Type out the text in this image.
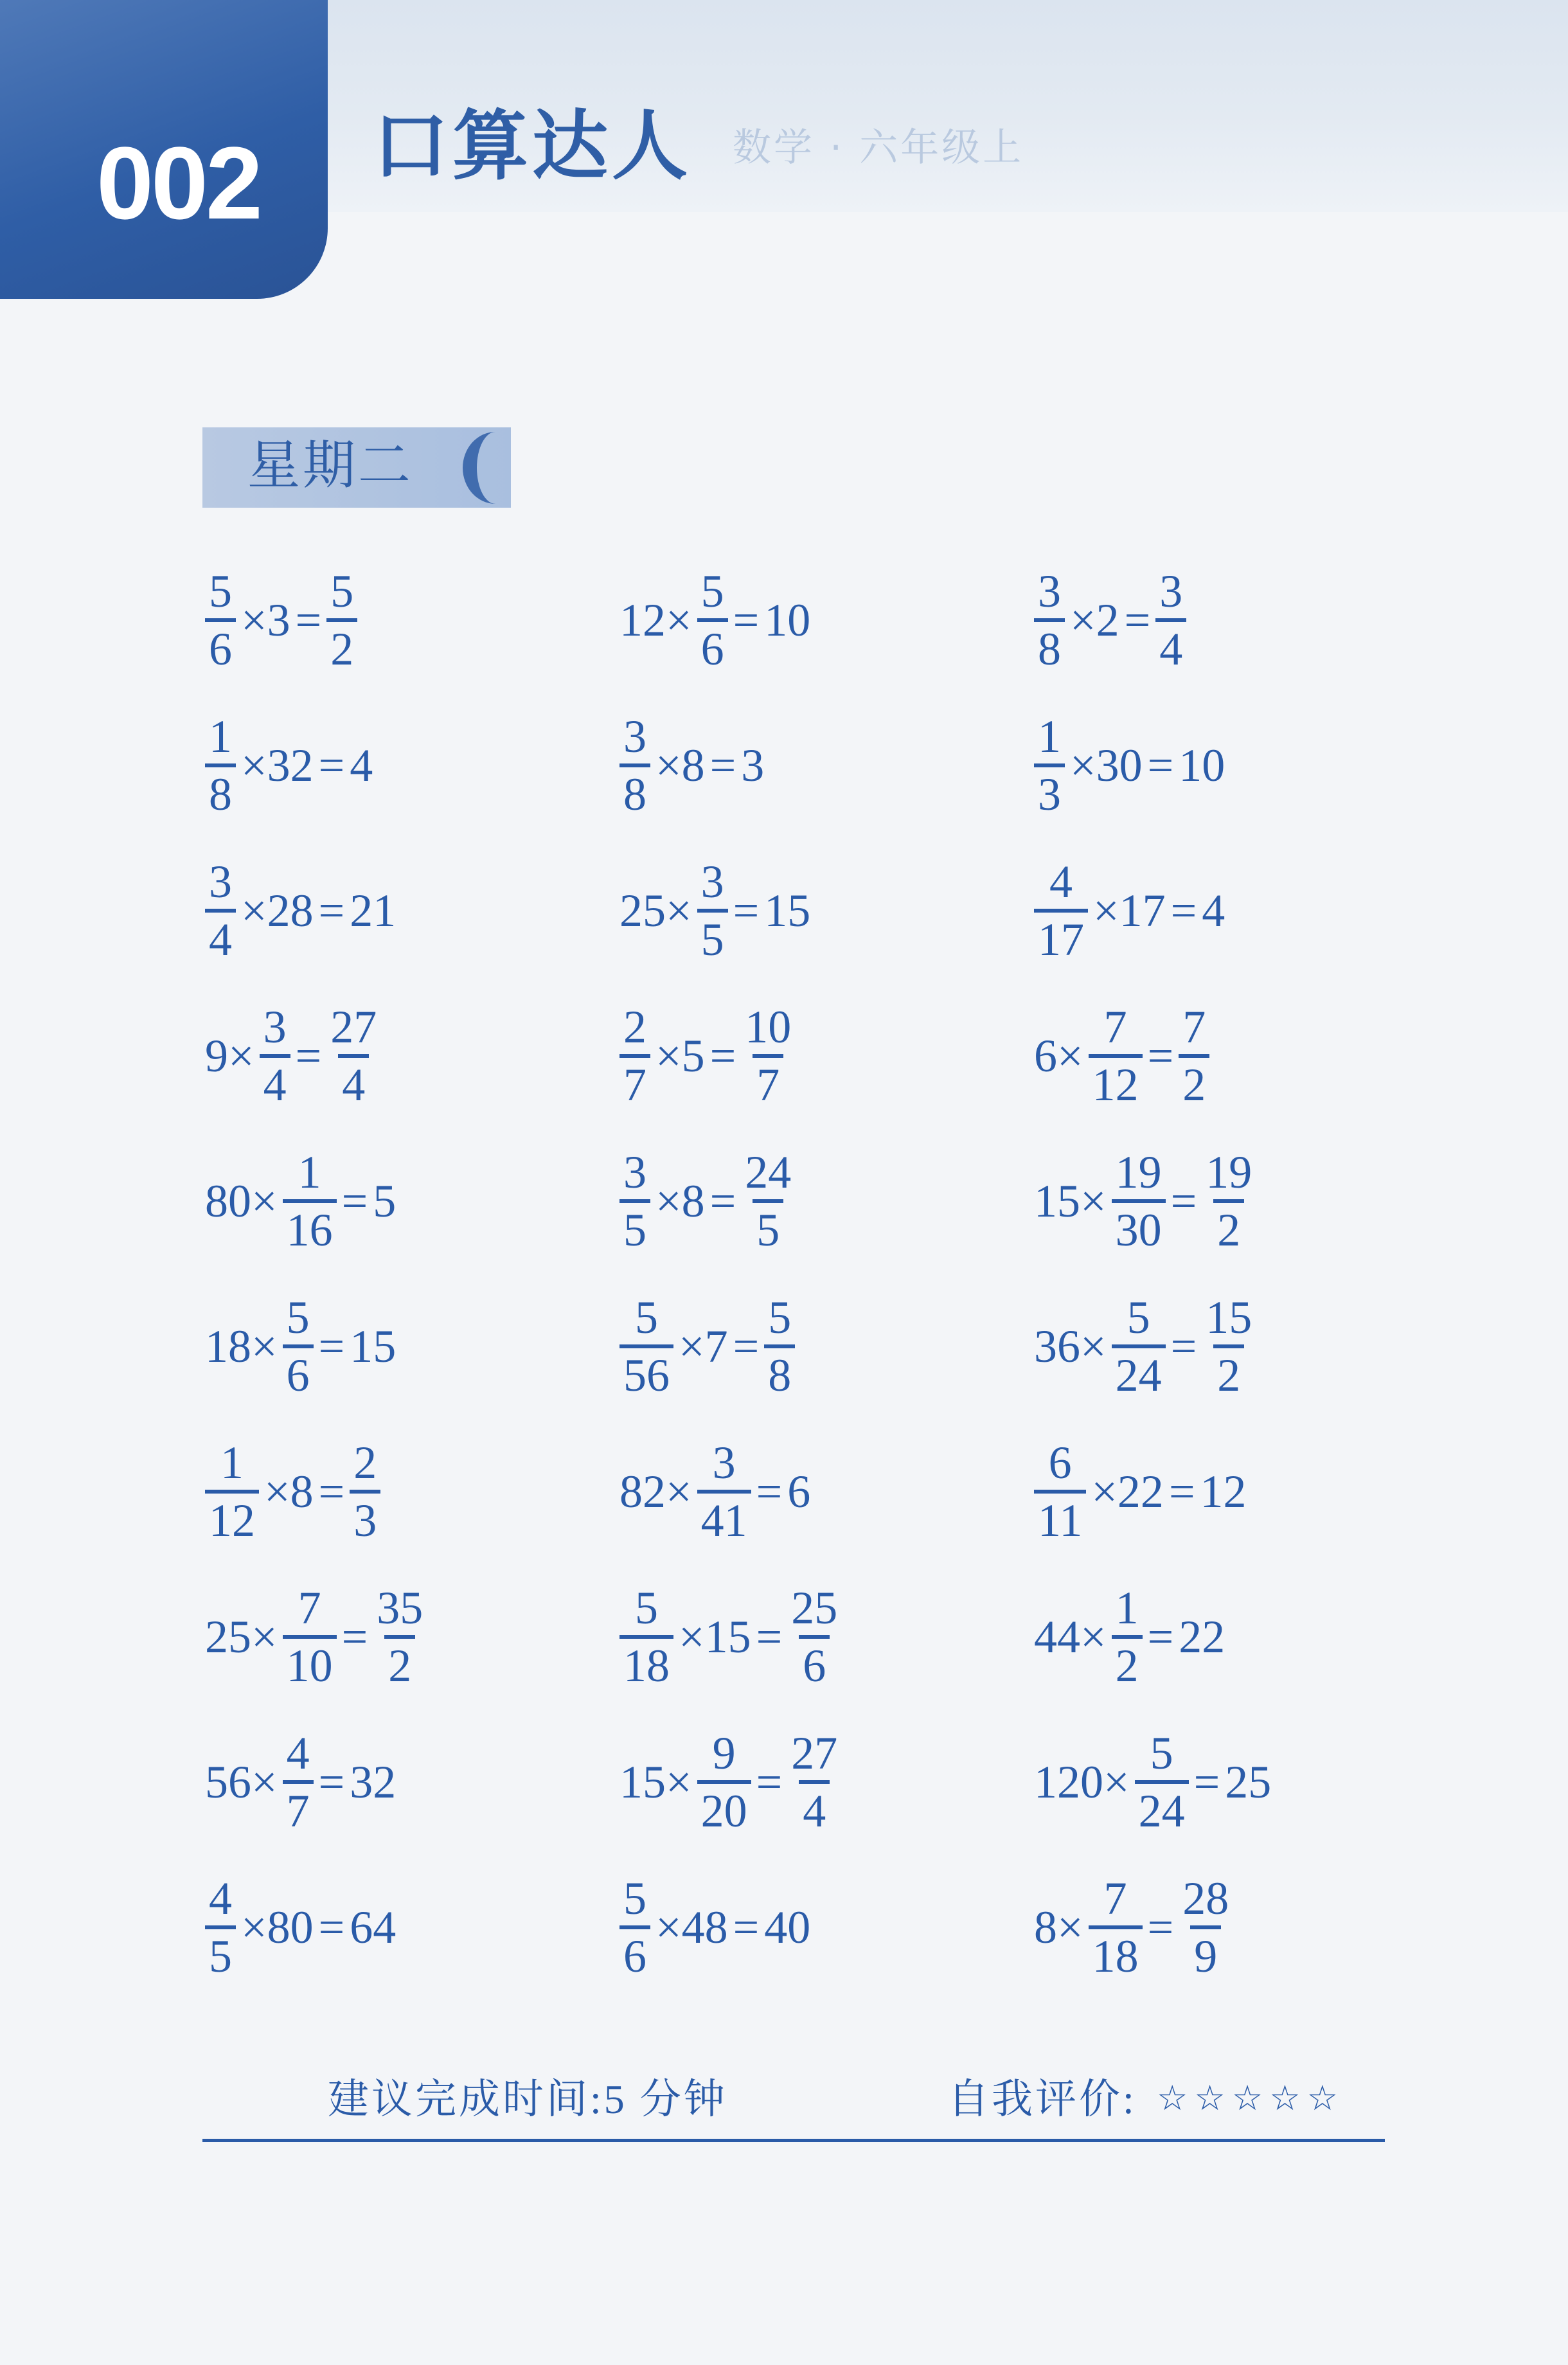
002 口算达人 数学 · 六年级上
星期二
$\frac{5}{6} \times 3 = \frac{5}{2}$
$\frac{1}{8} \times 32 = 4$
$\frac{3}{4} \times 28 = 21$
$9\times \frac{3}{4} = \frac{27}{4}$
$80\times \frac{1}{16} = 5$
$18\times \frac{5}{6} = 15$
$\frac{1}{12} \times 8 = \frac{2}{3}$
$25\times \frac{7}{10} = \frac{35}{2}$
$56\times \frac{4}{7} = 32$
$\frac{4}{5} \times 80 = 64$
$12\times \frac{5}{6} = 10$
$\frac{3}{8} \times 8 = 3$
$25\times \frac{3}{5} = 15$
$\frac{2}{7} \times 5 = \frac{10}{7}$
$\frac{3}{5} \times 8 = \frac{24}{5}$
$\frac{5}{56} \times 7 = \frac{5}{8}$
$82\times \frac{3}{41} = 6$
$\frac{5}{18} \times 15 = \frac{25}{6}$
$15\times \frac{9}{20} = \frac{27}{4}$
$\frac{5}{6} \times 48 = 40$
$\frac{3}{8} \times 2 = \frac{3}{4}$
$\frac{1}{3} \times 30 = 10$
$\frac{4}{17} \times 17 = 4$
$6\times \frac{7}{12} = \frac{7}{2}$
$15\times \frac{19}{30} = \frac{19}{2}$
$36\times \frac{5}{24} = \frac{15}{2}$
$\frac{6}{11} \times 22 = 12$
$44\times \frac{1}{2} = 22$
$120\times \frac{5}{24} = 25$
$8\times \frac{7}{18} = \frac{28}{9}$
建议完成时间:5 分钟	自我评价: ☆☆☆☆☆
